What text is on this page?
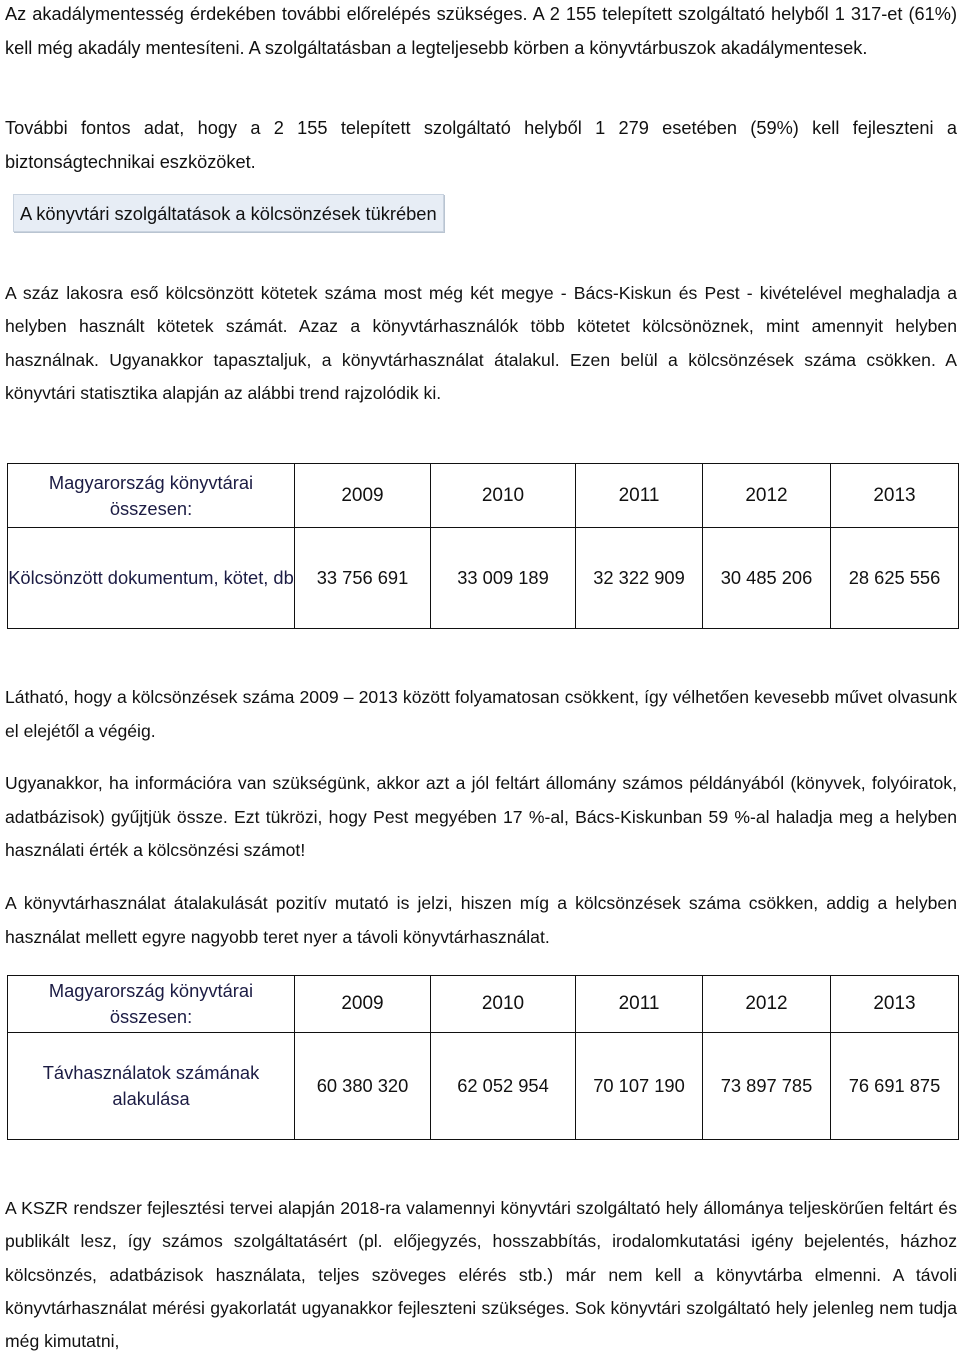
Az akadálymentesség érdekében további előrelépés szükséges. A 2 155 telepített szolgáltató helyből 1 317-et (61%) kell még akadály mentesíteni. A szolgáltatásban a legteljesebb körben a könyvtárbuszok akadálymentesek.

További fontos adat, hogy a 2 155 telepített szolgáltató helyből 1 279 esetében (59%) kell fejleszteni a biztonságtechnikai eszközöket.

A könyvtári szolgáltatások a kölcsönzések tükrében

A száz lakosra eső kölcsönzött kötetek száma most még két megye - Bács-Kiskun és Pest - kivételével meghaladja a helyben használt kötetek számát. Azaz a könyvtárhasználók több kötetet kölcsönöznek, mint amennyit helyben használnak. Ugyanakkor tapasztaljuk, a könyvtárhasználat átalakul. Ezen belül a kölcsönzések száma csökken. A könyvtári statisztika alapján az alábbi trend rajzolódik ki.

Magyarország könyvtárai összesen:	2009	2010	2011	2012	2013
Kölcsönzött dokumentum, kötet, db	33 756 691	33 009 189	32 322 909	30 485 206	28 625 556

Látható, hogy a kölcsönzések száma 2009 – 2013 között folyamatosan csökkent, így vélhetően kevesebb művet olvasunk el elejétől a végéig.

Ugyanakkor, ha információra van szükségünk, akkor azt a jól feltárt állomány számos példányából (könyvek, folyóiratok, adatbázisok) gyűjtjük össze. Ezt tükrözi, hogy Pest megyében 17 %-al, Bács-Kiskunban 59 %-al haladja meg a helyben használati érték a kölcsönzési számot!

A könyvtárhasználat átalakulását pozitív mutató is jelzi, hiszen míg a kölcsönzések száma csökken, addig a helyben használat mellett egyre nagyobb teret nyer a távoli könyvtárhasználat.

Magyarország könyvtárai összesen:	2009	2010	2011	2012	2013
Távhasználatok számának alakulása	60 380 320	62 052 954	70 107 190	73 897 785	76 691 875

A KSZR rendszer fejlesztési tervei alapján 2018-ra valamennyi könyvtári szolgáltató hely állománya teljeskörűen feltárt és publikált lesz, így számos szolgáltatásért (pl. előjegyzés, hosszabbítás, irodalomkutatási igény bejelentés, házhoz kölcsönzés, adatbázisok használata, teljes szöveges elérés stb.) már nem kell a könyvtárba elmenni. A távoli könyvtárhasználat mérési gyakorlatát ugyanakkor fejleszteni szükséges. Sok könyvtári szolgáltató hely jelenleg nem tudja még kimutatni,
